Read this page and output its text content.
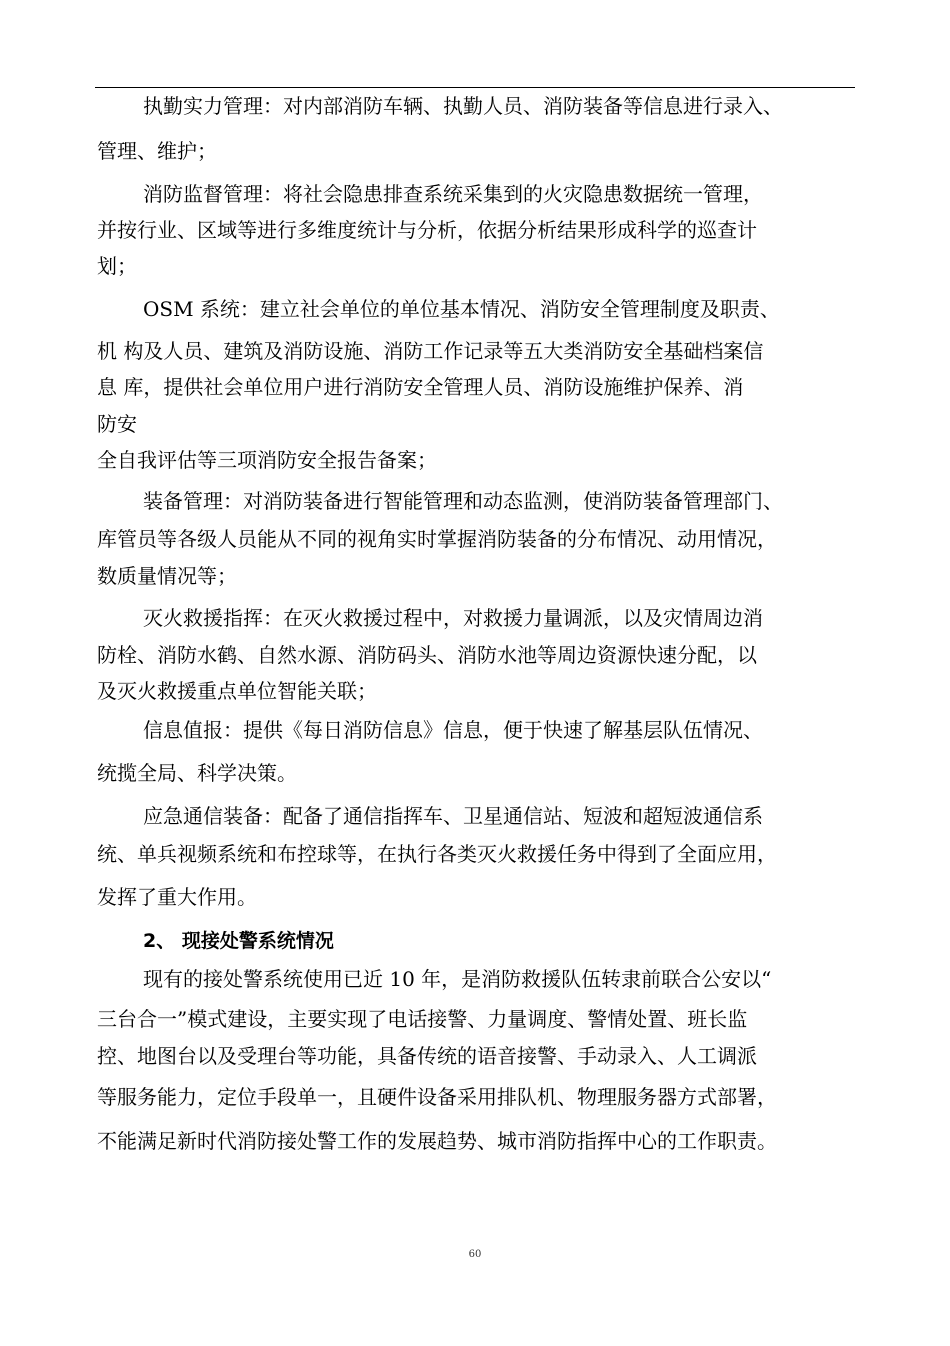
执勤实力管理：对内部消防车辆、执勤人员、消防装备等信息进行录入、
管理、维护；
消防监督管理：将社会隐患排查系统采集到的火灾隐患数据统一管理，
并按行业、区域等进行多维度统计与分析，依据分析结果形成科学的巡查计
划；
OSM 系统：建立社会单位的单位基本情况、消防安全管理制度及职责、
机 构及人员、建筑及消防设施、消防工作记录等五大类消防安全基础档案信
息 库，提供社会单位用户进行消防安全管理人员、消防设施维护保养、消
防安
全自我评估等三项消防安全报告备案；
装备管理：对消防装备进行智能管理和动态监测，使消防装备管理部门、
库管员等各级人员能从不同的视角实时掌握消防装备的分布情况、动用情况，
数质量情况等；
灭火救援指挥：在灭火救援过程中，对救援力量调派，以及灾情周边消
防栓、消防水鹤、自然水源、消防码头、消防水池等周边资源快速分配，以
及灭火救援重点单位智能关联；
信息值报：提供《每日消防信息》信息，便于快速了解基层队伍情况、
统揽全局、科学决策。
应急通信装备：配备了通信指挥车、卫星通信站、短波和超短波通信系
统、单兵视频系统和布控球等，在执行各类灭火救援任务中得到了全面应用，
发挥了重大作用。
2、 现接处警系统情况
现有的接处警系统使用已近 10 年，是消防救援队伍转隶前联合公安以“
三台合一”模式建设，主要实现了电话接警、力量调度、警情处置、班长监
控、地图台以及受理台等功能，具备传统的语音接警、手动录入、人工调派
等服务能力，定位手段单一，且硬件设备采用排队机、物理服务器方式部署，
不能满足新时代消防接处警工作的发展趋势、城市消防指挥中心的工作职责。
60
